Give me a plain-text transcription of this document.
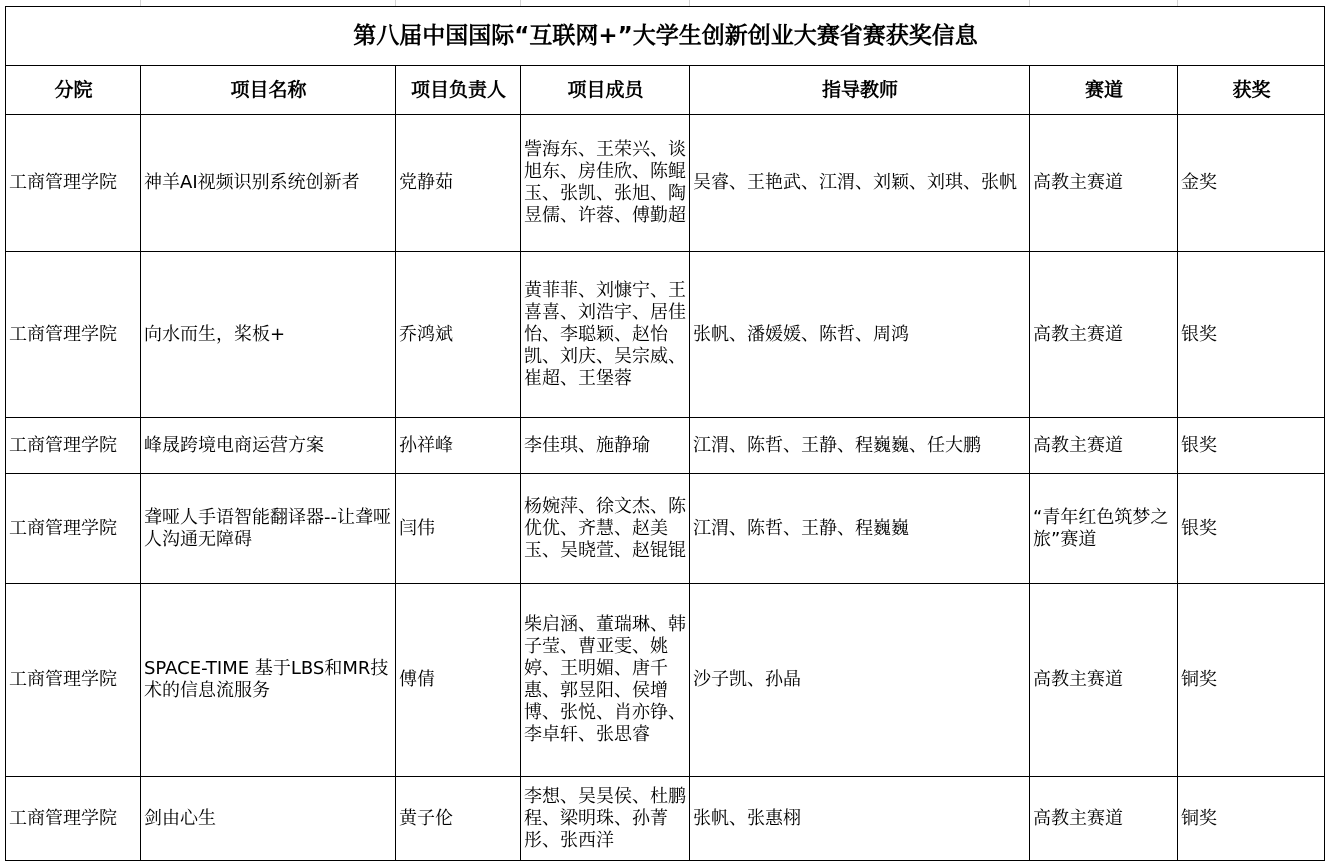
第八届中国国际“互联网+”大学生创新创业大赛省赛获奖信息						
分院	项目名称	项目负责人	项目成员	指导教师	赛道	获奖
工商管理学院	神羊AI视频识别系统创新者	党静茹	訾海东、王荣兴、谈旭东、房佳欣、陈鲲玉、张凯、张旭、陶昱儒、许蓉、傅勤超	吴睿、王艳武、江渭、刘颖、刘琪、张帆	高教主赛道	金奖
工商管理学院	向水而生，桨板+	乔鸿斌	黄菲菲、刘慷宁、王喜喜、刘浩宇、居佳怡、李聪颖、赵怡凯、刘庆、吴宗威、崔超、王堡蓉	张帆、潘媛媛、陈哲、周鸿	高教主赛道	银奖
工商管理学院	峰晟跨境电商运营方案	孙祥峰	李佳琪、施静瑜	江渭、陈哲、王静、程巍巍、任大鹏	高教主赛道	银奖
工商管理学院	聋哑人手语智能翻译器--让聋哑人沟通无障碍	闫伟	杨婉萍、徐文杰、陈优优、齐慧、赵美玉、吴晓萱、赵锟锟	江渭、陈哲、王静、程巍巍	“青年红色筑梦之旅”赛道	银奖
工商管理学院	SPACE-TIME 基于LBS和MR技术的信息流服务	傅倩	柴启涵、董瑞琳、韩子莹、曹亚雯、姚婷、王明媚、唐千惠、郭昱阳、侯增博、张悦、肖亦铮、李卓轩、张思睿	沙子凯、孙晶	高教主赛道	铜奖
工商管理学院	剑由心生	黄子伦	李想、吴昊侯、杜鹏程、梁明珠、孙菁彤、张西洋	张帆、张惠栩	高教主赛道	铜奖
